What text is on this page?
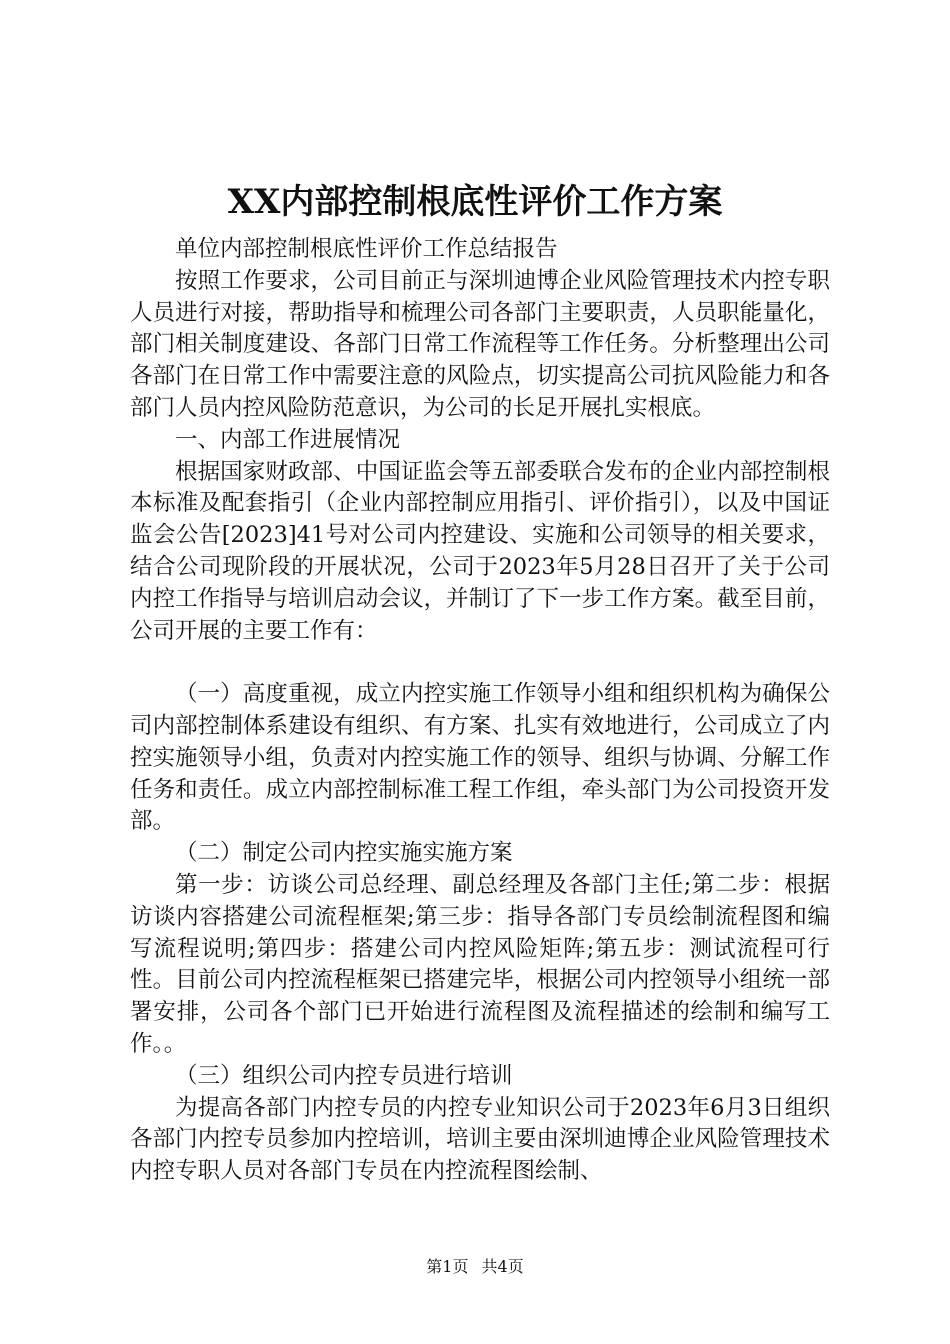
XX内部控制根底性评价工作方案

单位内部控制根底性评价工作总结报告

按照工作要求，公司目前正与深圳迪博企业风险管理技术内控专职人员进行对接，帮助指导和梳理公司各部门主要职责，人员职能量化，部门相关制度建设、各部门日常工作流程等工作任务。分析整理出公司各部门在日常工作中需要注意的风险点，切实提高公司抗风险能力和各部门人员内控风险防范意识，为公司的长足开展扎实根底。

一、内部工作进展情况

根据国家财政部、中国证监会等五部委联合发布的企业内部控制根本标准及配套指引（企业内部控制应用指引、评价指引），以及中国证监会公告[2023]41号对公司内控建设、实施和公司领导的相关要求，结合公司现阶段的开展状况，公司于2023年5月28日召开了关于公司内控工作指导与培训启动会议，并制订了下一步工作方案。截至目前，公司开展的主要工作有：

（一）高度重视，成立内控实施工作领导小组和组织机构为确保公司内部控制体系建设有组织、有方案、扎实有效地进行，公司成立了内控实施领导小组，负责对内控实施工作的领导、组织与协调、分解工作任务和责任。成立内部控制标准工程工作组，牵头部门为公司投资开发部。

（二）制定公司内控实施实施方案

第一步：访谈公司总经理、副总经理及各部门主任;第二步：根据访谈内容搭建公司流程框架;第三步：指导各部门专员绘制流程图和编写流程说明;第四步：搭建公司内控风险矩阵;第五步：测试流程可行性。目前公司内控流程框架已搭建完毕，根据公司内控领导小组统一部署安排，公司各个部门已开始进行流程图及流程描述的绘制和编写工作。。

（三）组织公司内控专员进行培训

为提高各部门内控专员的内控专业知识公司于2023年6月3日组织各部门内控专员参加内控培训，培训主要由深圳迪博企业风险管理技术内控专职人员对各部门专员在内控流程图绘制、

第1页 共4页
